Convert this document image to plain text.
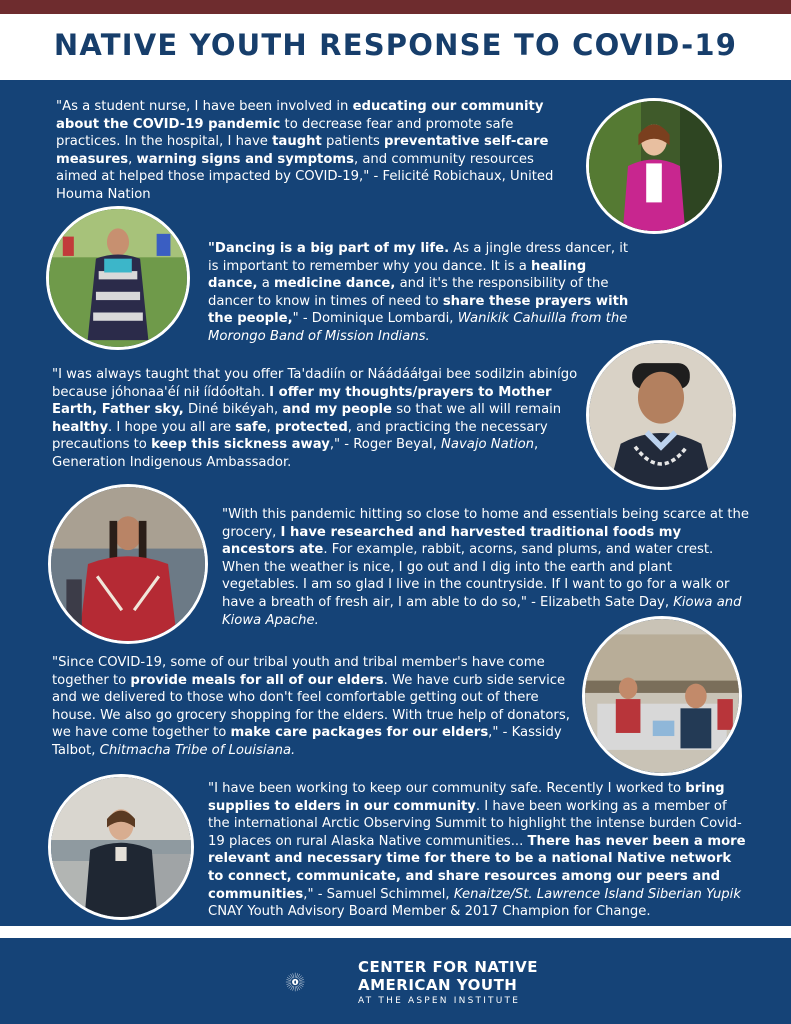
NATIVE YOUTH RESPONSE TO COVID-19
"As a student nurse, I have been involved in educating our community about the COVID-19 pandemic to decrease fear and promote safe practices. In the hospital, I have taught patients preventative self-care measures, warning signs and symptoms, and community resources aimed at helped those impacted by COVID-19," - Felicité Robichaux, United Houma Nation
"Dancing is a big part of my life. As a jingle dress dancer, it is important to remember why you dance. It is a healing dance, a medicine dance, and it's the responsibility of the dancer to know in times of need to share these prayers with the people," - Dominique Lombardi, Wanikik Cahuilla from the Morongo Band of Mission Indians.
"I was always taught that you offer Ta'dadiín or Náádááłgai bee sodilzin abinígo because jóhonaa'éí nił íídóołtah. I offer my thoughts/prayers to Mother Earth, Father sky, Diné bikéyah, and my people so that we all will remain healthy. I hope you all are safe, protected, and practicing the necessary precautions to keep this sickness away," - Roger Beyal, Navajo Nation, Generation Indigenous Ambassador.
"With this pandemic hitting so close to home and essentials being scarce at the grocery, I have researched and harvested traditional foods my ancestors ate. For example, rabbit, acorns, sand plums, and water crest. When the weather is nice, I go out and I dig into the earth and plant vegetables. I am so glad I live in the countryside. If I want to go for a walk or have a breath of fresh air, I am able to do so," - Elizabeth Sate Day, Kiowa and Kiowa Apache.
"Since COVID-19, some of our tribal youth and tribal member's have come together to provide meals for all of our elders. We have curb side service and we delivered to those who don't feel comfortable getting out of there house. We also go grocery shopping for the elders. With true help of donators, we have come together to make care packages for our elders," - Kassidy Talbot, Chitmacha Tribe of Louisiana.
"I have been working to keep our community safe. Recently I worked to bring supplies to elders in our community. I have been working as a member of the international Arctic Observing Summit to highlight the intense burden Covid-19 places on rural Alaska Native communities... There has never been a more relevant and necessary time for there to be a national Native network to connect, communicate, and share resources among our peers and communities," - Samuel Schimmel, Kenaitze/St. Lawrence Island Siberian Yupik CNAY Youth Advisory Board Member & 2017 Champion for Change.
CENTER FOR NATIVE
AMERICAN YOUTH
AT THE ASPEN INSTITUTE
